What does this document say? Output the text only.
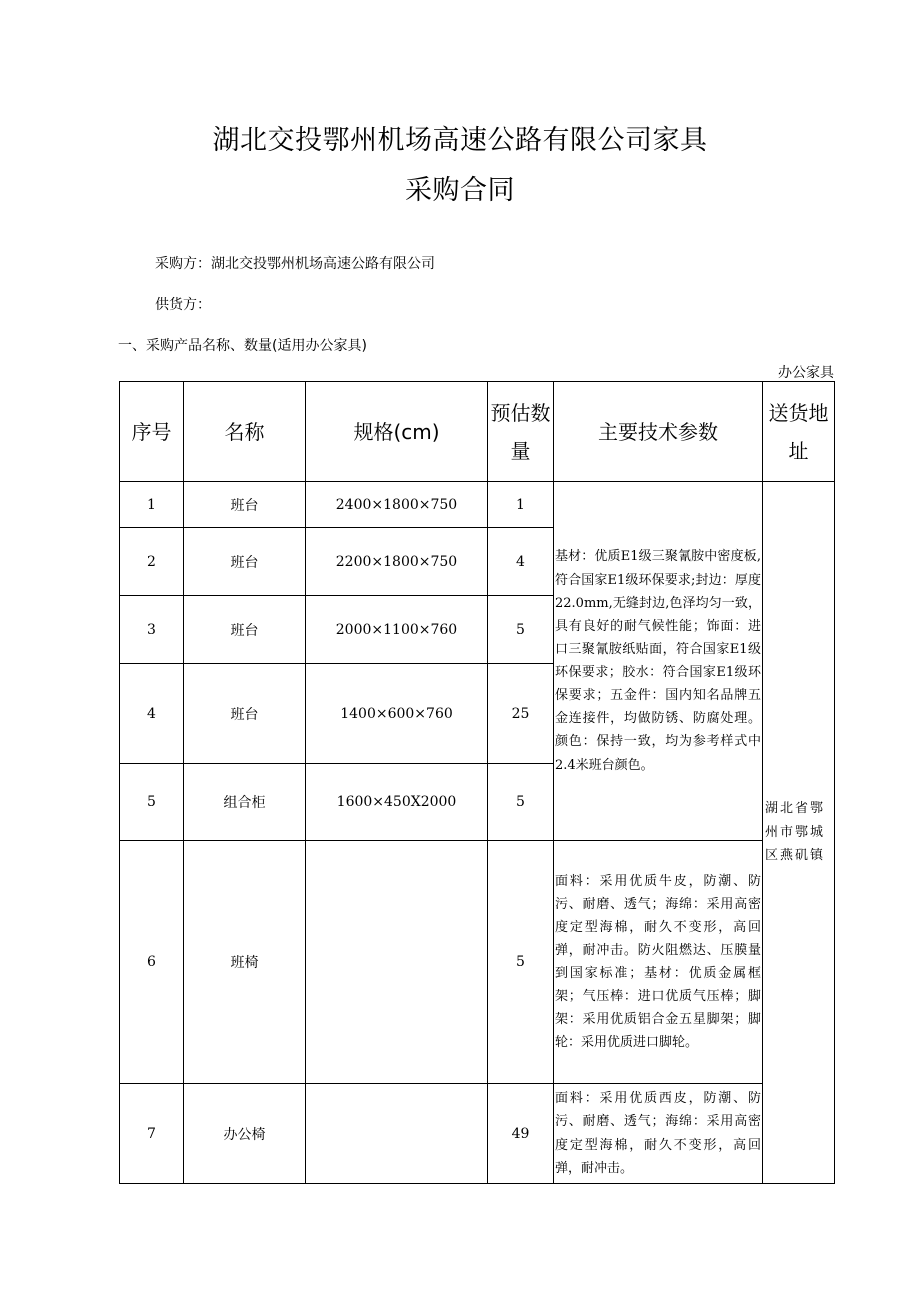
湖北交投鄂州机场高速公路有限公司家具
采购合同
采购方：湖北交投鄂州机场高速公路有限公司
供货方：
一、采购产品名称、数量(适用办公家具)
办公家具
序号	名称	规格(cm)	预估数量	主要技术参数	送货地址
1	班台	2400×1800×750	1	基材：优质E1级三聚氰胺中密度板,符合国家E1级环保要求;封边：厚度22.0mm,无缝封边,色泽均匀一致，具有良好的耐气候性能；饰面：进口三聚氰胺纸贴面，符合国家E1级环保要求；胶水：符合国家E1级环保要求；五金件：国内知名品牌五金连接件，均做防锈、防腐处理。颜色：保持一致，均为参考样式中2.4米班台颜色。	湖北省鄂州市鄂城区燕矶镇
2	班台	2200×1800×750	4		
3	班台	2000×1100×760	5		
4	班台	1400×600×760	25		
5	组合柜	1600×450X2000	5		
6	班椅		5	面料：采用优质牛皮，防潮、防污、耐磨、透气；海绵：采用高密度定型海棉，耐久不变形，高回弹，耐冲击。防火阻燃达、压膜量到国家标准；基材：优质金属框架；气压棒：进口优质气压棒；脚架：采用优质铝合金五星脚架；脚轮：采用优质进口脚轮。	
7	办公椅		49	面料：采用优质西皮，防潮、防污、耐磨、透气；海绵：采用高密度定型海棉，耐久不变形，高回弹，耐冲击。	
